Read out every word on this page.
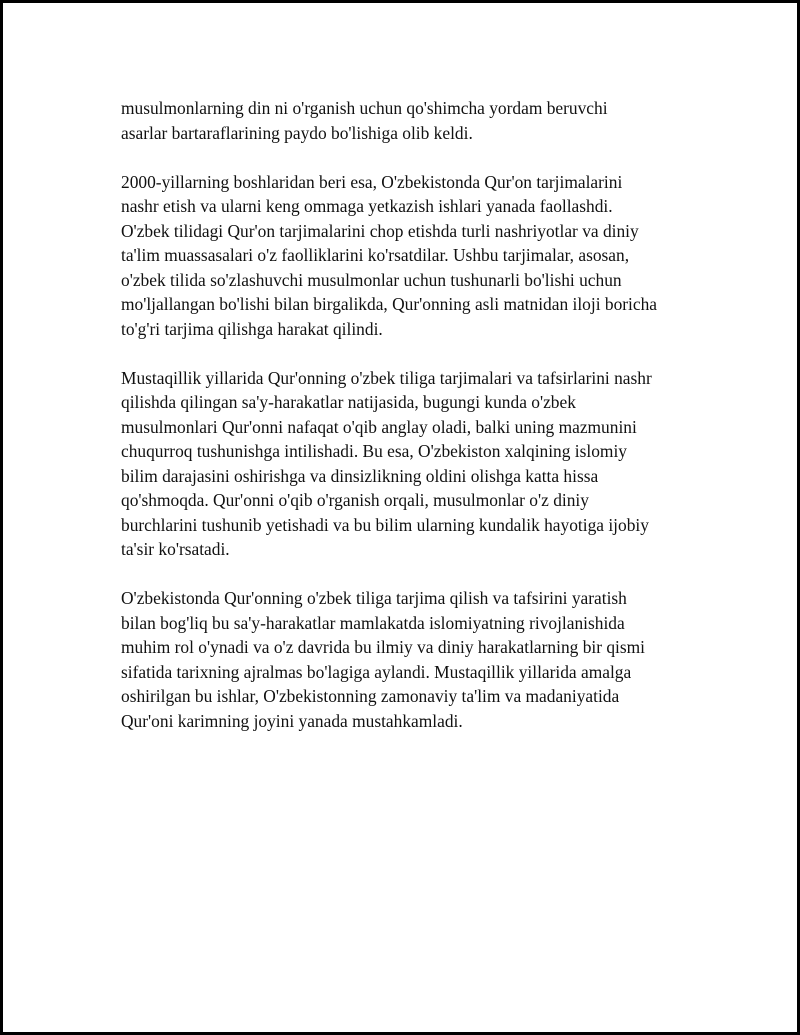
musulmonlarning din ni o'rganish uchun qo'shimcha yordam beruvchi
asarlar bartaraflarining paydo bo'lishiga olib keldi.

2000-yillarning boshlaridan beri esa, O'zbekistonda Qur'on tarjimalarini
nashr etish va ularni keng ommaga yetkazish ishlari yanada faollashdi.
O'zbek tilidagi Qur'on tarjimalarini chop etishda turli nashriyotlar va diniy
ta'lim muassasalari o'z faolliklarini ko'rsatdilar. Ushbu tarjimalar, asosan,
o'zbek tilida so'zlashuvchi musulmonlar uchun tushunarli bo'lishi uchun
mo'ljallangan bo'lishi bilan birgalikda, Qur'onning asli matnidan iloji boricha
to'g'ri tarjima qilishga harakat qilindi.

Mustaqillik yillarida Qur'onning o'zbek tiliga tarjimalari va tafsirlarini nashr
qilishda qilingan sa'y-harakatlar natijasida, bugungi kunda o'zbek
musulmonlari Qur'onni nafaqat o'qib anglay oladi, balki uning mazmunini
chuqurroq tushunishga intilishadi. Bu esa, O'zbekiston xalqining islomiy
bilim darajasini oshirishga va dinsizlikning oldini olishga katta hissa
qo'shmoqda. Qur'onni o'qib o'rganish orqali, musulmonlar o'z diniy
burchlarini tushunib yetishadi va bu bilim ularning kundalik hayotiga ijobiy
ta'sir ko'rsatadi.

O'zbekistonda Qur'onning o'zbek tiliga tarjima qilish va tafsirini yaratish
bilan bog'liq bu sa'y-harakatlar mamlakatda islomiyatning rivojlanishida
muhim rol o'ynadi va o'z davrida bu ilmiy va diniy harakatlarning bir qismi
sifatida tarixning ajralmas bo'lagiga aylandi. Mustaqillik yillarida amalga
oshirilgan bu ishlar, O'zbekistonning zamonaviy ta'lim va madaniyatida
Qur'oni karimning joyini yanada mustahkamladi.
